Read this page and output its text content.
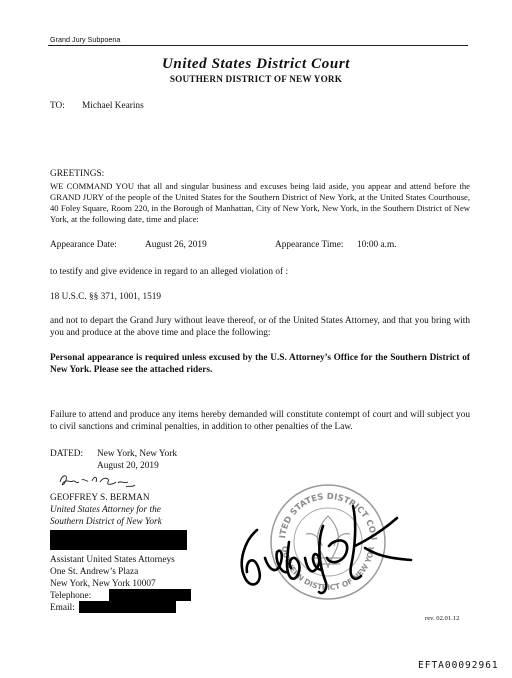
Grand Jury Subpoena
United States District Court
SOUTHERN DISTRICT OF NEW YORK
TO: Michael Kearins
GREETINGS:
WE COMMAND YOU that all and singular business and excuses being laid aside, you appear and attend before the GRAND JURY of the people of the United States for the Southern District of New York, at the United States Courthouse, 40 Foley Square, Room 220, in the Borough of Manhattan, City of New York, New York, in the Southern District of New York, at the following date, time and place:
Appearance Date:	August 26, 2019	Appearance Time: 10:00 a.m.
to testify and give evidence in regard to an alleged violation of :
18 U.S.C. §§ 371, 1001, 1519
and not to depart the Grand Jury without leave thereof, or of the United States Attorney, and that you bring with you and produce at the above time and place the following:
Personal appearance is required unless excused by the U.S. Attorney’s Office for the Southern District of New York. Please see the attached riders.
Failure to attend and produce any items hereby demanded will constitute contempt of court and will subject you to civil sanctions and criminal penalties, in addition to other penalties of the Law.
DATED: New York, New York
August 20, 2019
GEOFFREY S. BERMAN
United States Attorney for the
Southern District of New York
Assistant United States Attorneys
One St. Andrew’s Plaza
New York, New York 10007
Telephone:
Email:
ITED STATES DISTRICT COU
OUTHERN DISTRICT OF NEW YOR
rev. 02.01.12
EFTA00092961
